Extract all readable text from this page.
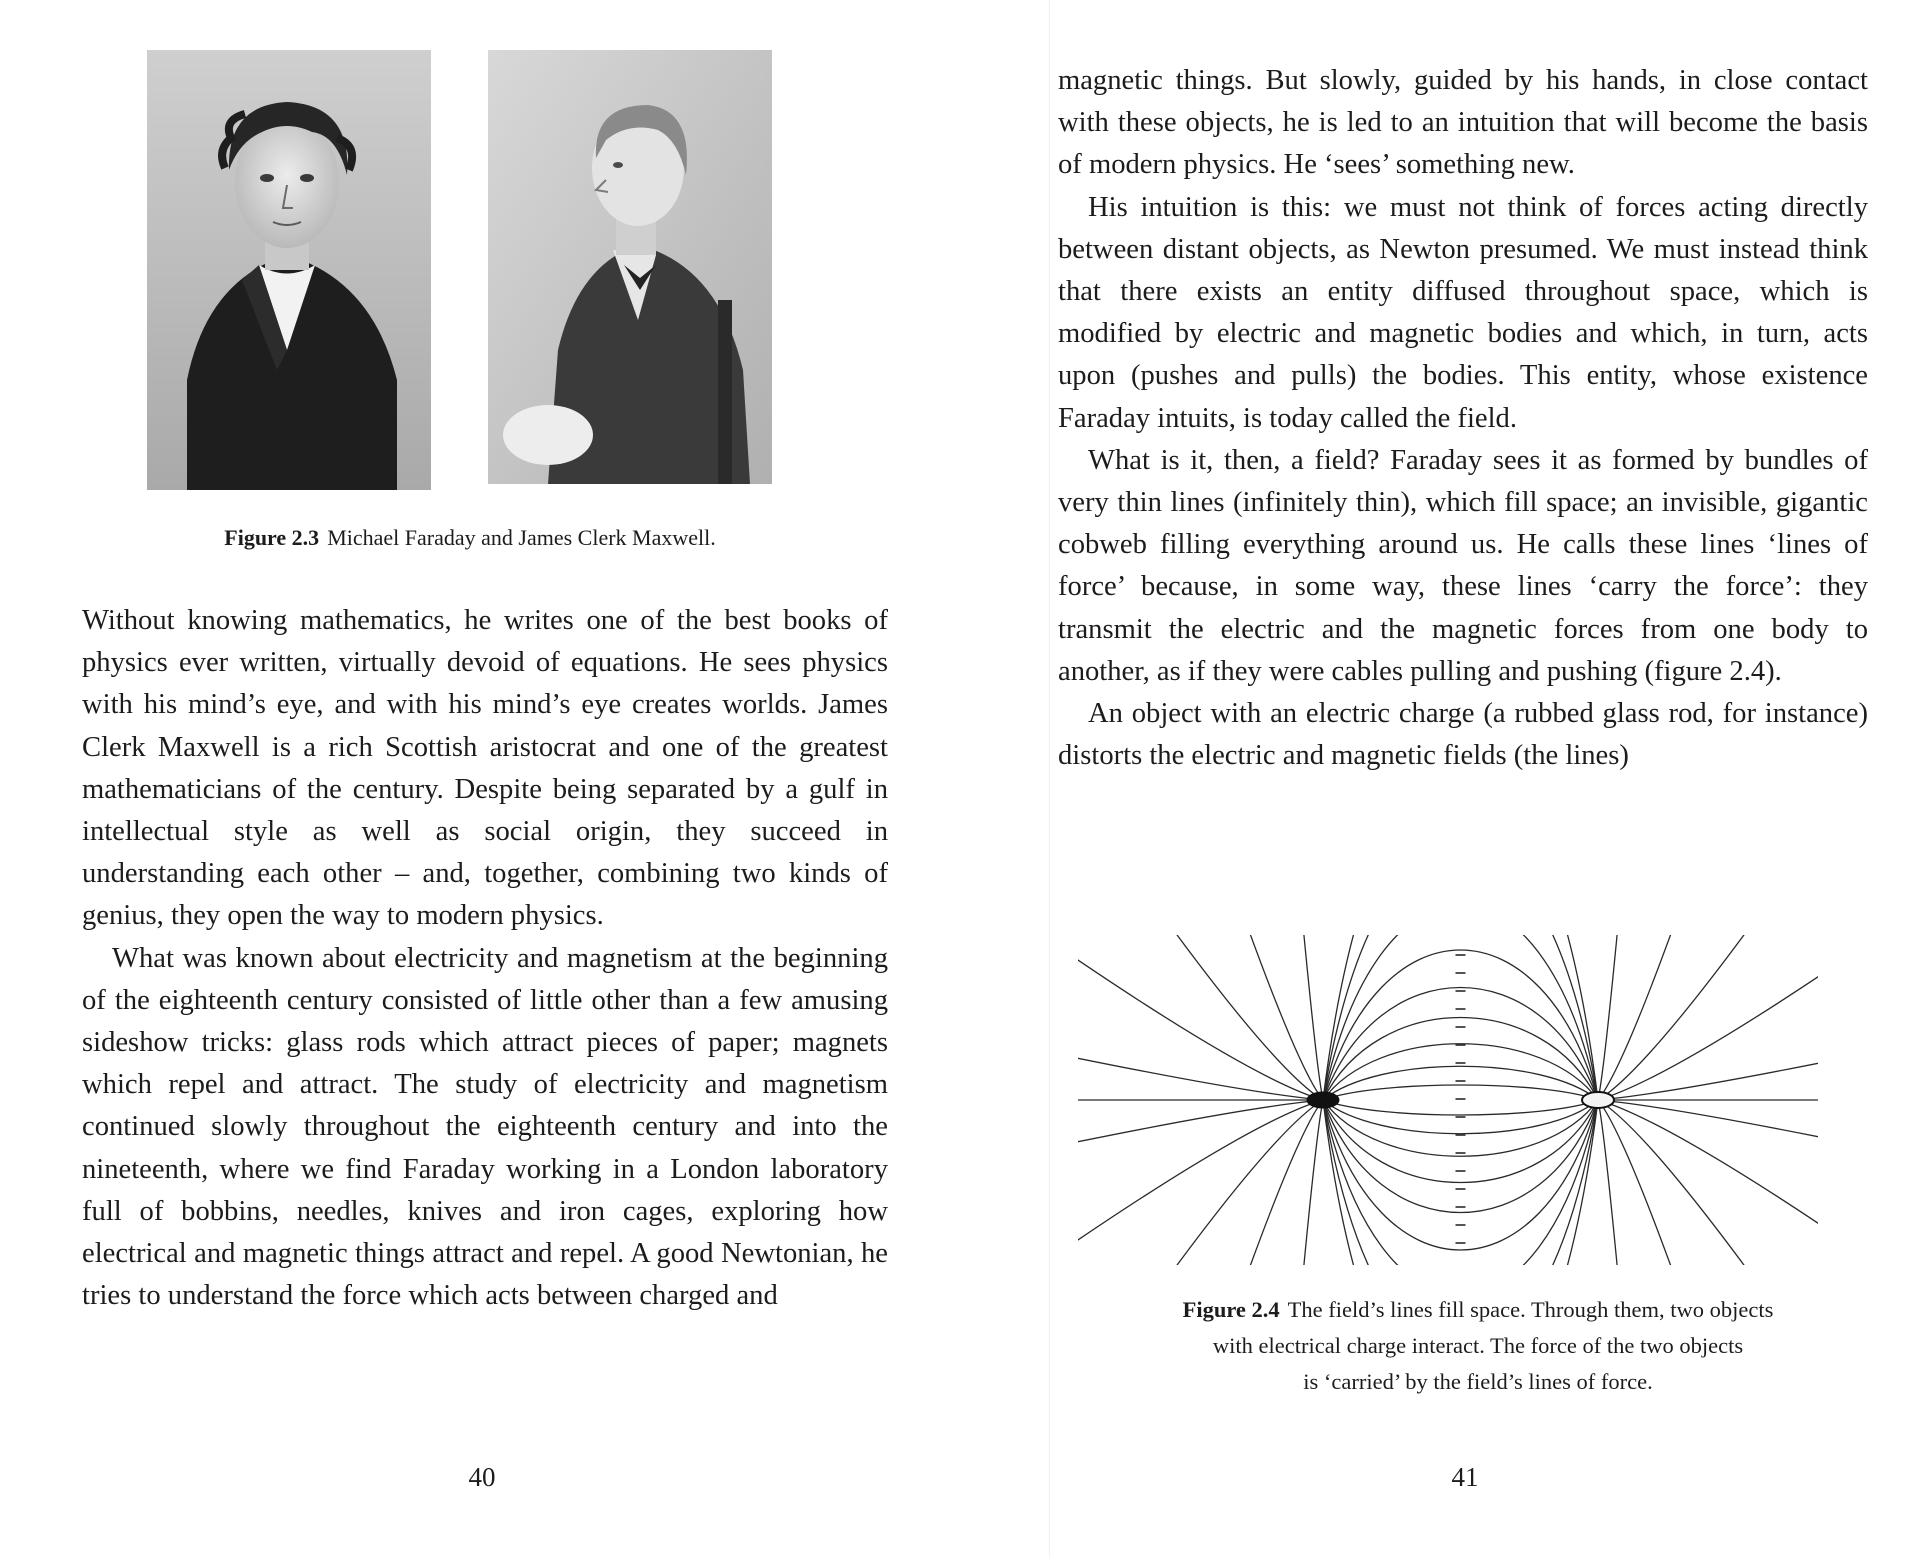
Figure 2.3 Michael Faraday and James Clerk Maxwell.

Without knowing mathematics, he writes one of the best books of physics ever written, virtually devoid of equations. He sees physics with his mind’s eye, and with his mind’s eye creates worlds. James Clerk Maxwell is a rich Scottish aristocrat and one of the greatest mathematicians of the century. Despite being separated by a gulf in intellectual style as well as social origin, they succeed in understanding each other – and, together, combining two kinds of genius, they open the way to modern physics.

What was known about electricity and magnetism at the beginning of the eighteenth century consisted of little other than a few amusing sideshow tricks: glass rods which attract pieces of paper; magnets which repel and attract. The study of electricity and magnetism continued slowly throughout the eighteenth century and into the nineteenth, where we find Faraday working in a London laboratory full of bobbins, needles, knives and iron cages, exploring how electrical and magnetic things attract and repel. A good Newtonian, he tries to understand the force which acts between charged and

40

magnetic things. But slowly, guided by his hands, in close contact with these objects, he is led to an intuition that will become the basis of modern physics. He ‘sees’ something new.

His intuition is this: we must not think of forces acting directly between distant objects, as Newton presumed. We must instead think that there exists an entity diffused throughout space, which is modified by electric and magnetic bodies and which, in turn, acts upon (pushes and pulls) the bodies. This entity, whose existence Faraday intuits, is today called the field.

What is it, then, a field? Faraday sees it as formed by bundles of very thin lines (infinitely thin), which fill space; an invisible, gigantic cobweb filling everything around us. He calls these lines ‘lines of force’ because, in some way, these lines ‘carry the force’: they transmit the electric and the magnetic forces from one body to another, as if they were cables pulling and pushing (figure 2.4).

An object with an electric charge (a rubbed glass rod, for instance) distorts the electric and magnetic fields (the lines)

Figure 2.4 The field’s lines fill space. Through them, two objects
with electrical charge interact. The force of the two objects
is ‘carried’ by the field’s lines of force.
41
